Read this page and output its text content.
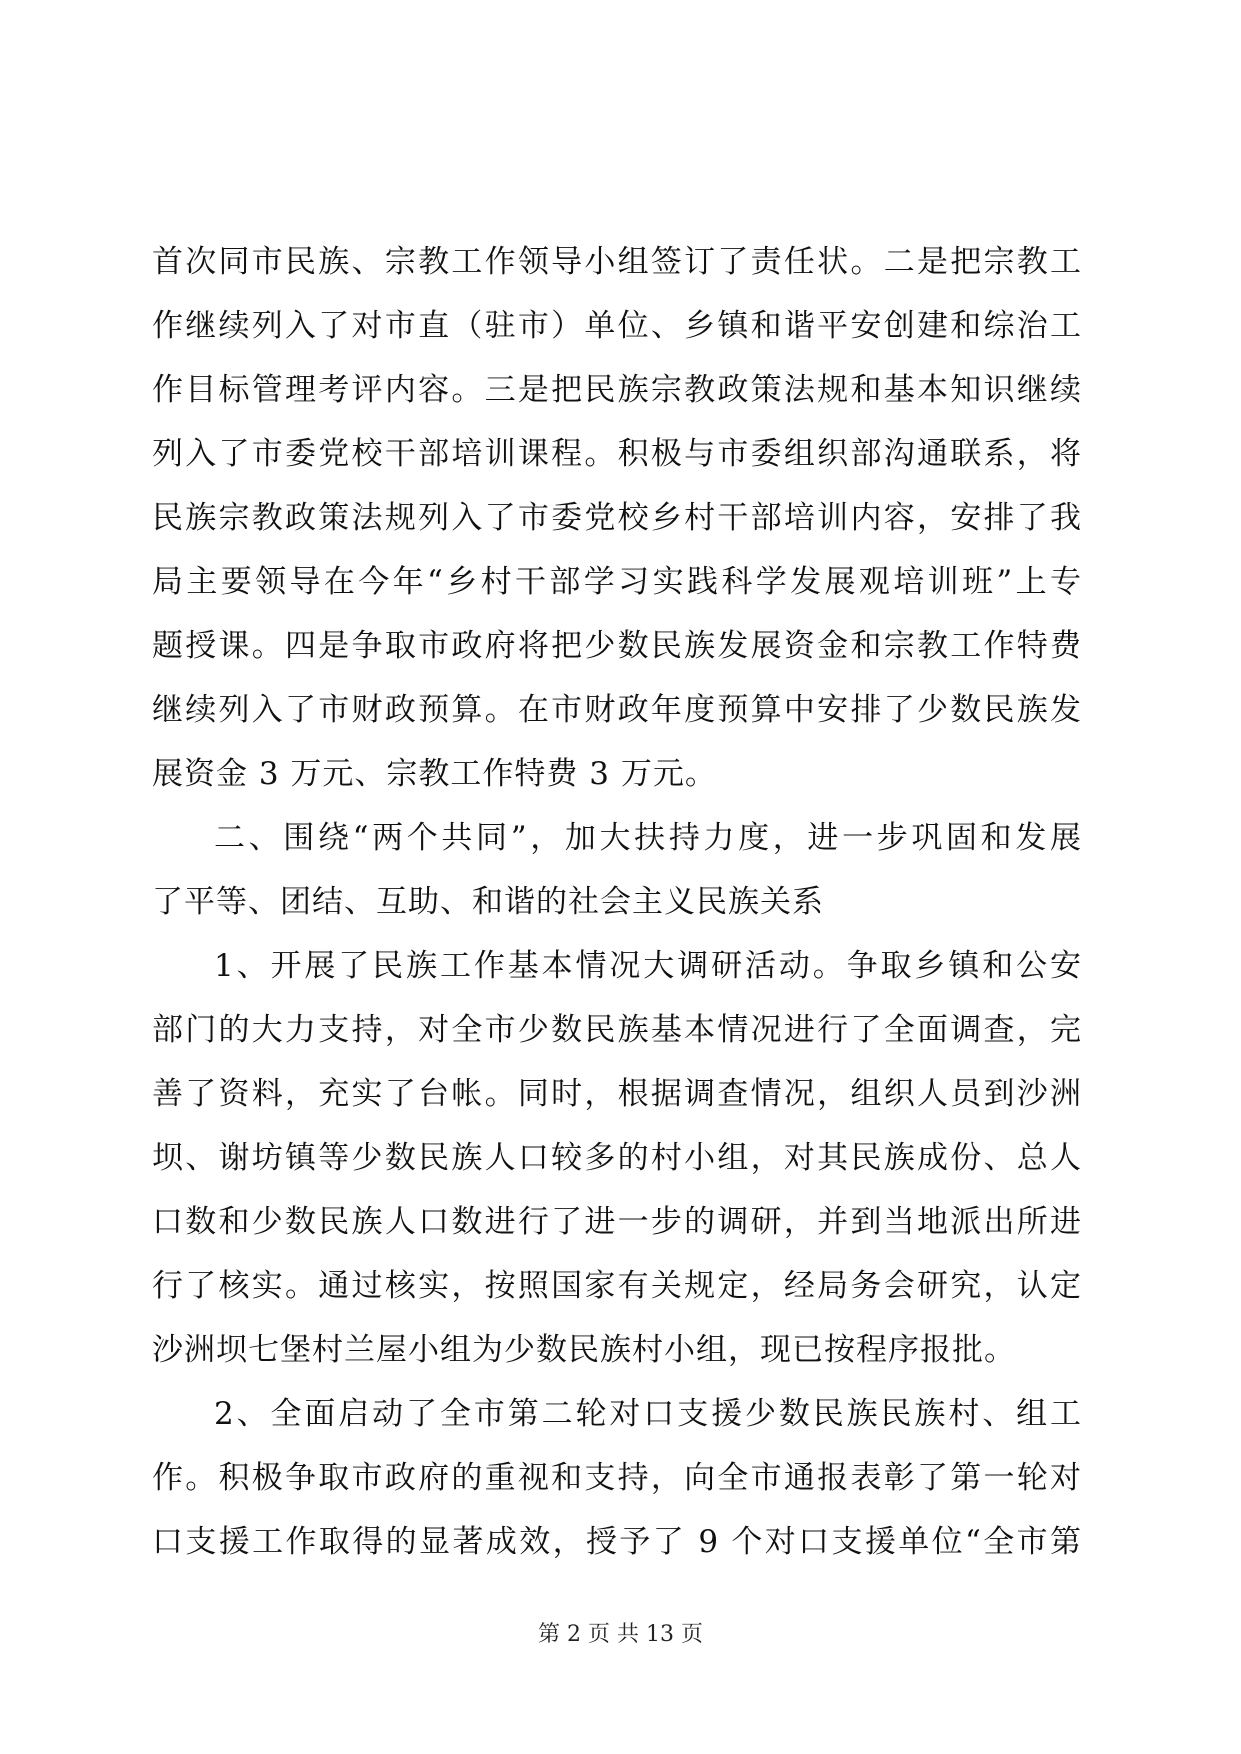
首次同市民族、宗教工作领导小组签订了责任状。二是把宗教工
作继续列入了对市直（驻市）单位、乡镇和谐平安创建和综治工
作目标管理考评内容。三是把民族宗教政策法规和基本知识继续
列入了市委党校干部培训课程。积极与市委组织部沟通联系，将
民族宗教政策法规列入了市委党校乡村干部培训内容，安排了我
局主要领导在今年“乡村干部学习实践科学发展观培训班”上专
题授课。四是争取市政府将把少数民族发展资金和宗教工作特费
继续列入了市财政预算。在市财政年度预算中安排了少数民族发
展资金 3 万元、宗教工作特费 3 万元。
二、围绕“两个共同”，加大扶持力度，进一步巩固和发展
了平等、团结、互助、和谐的社会主义民族关系
1、开展了民族工作基本情况大调研活动。争取乡镇和公安
部门的大力支持，对全市少数民族基本情况进行了全面调查，完
善了资料，充实了台帐。同时，根据调查情况，组织人员到沙洲
坝、谢坊镇等少数民族人口较多的村小组，对其民族成份、总人
口数和少数民族人口数进行了进一步的调研，并到当地派出所进
行了核实。通过核实，按照国家有关规定，经局务会研究，认定
沙洲坝七堡村兰屋小组为少数民族村小组，现已按程序报批。
2、全面启动了全市第二轮对口支援少数民族民族村、组工
作。积极争取市政府的重视和支持，向全市通报表彰了第一轮对
口支援工作取得的显著成效，授予了 9 个对口支援单位“全市第
第 2 页 共 13 页
